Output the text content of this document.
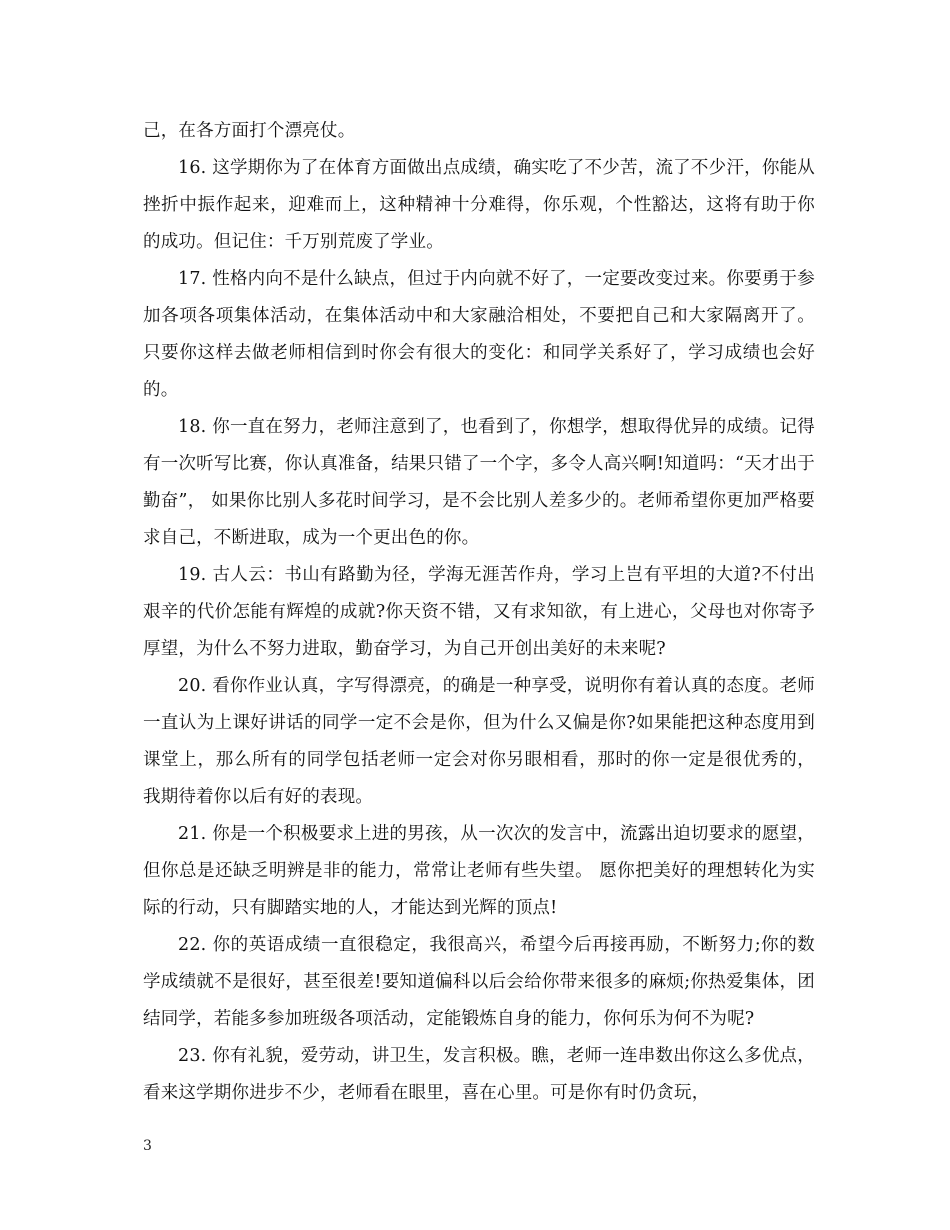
己，在各方面打个漂亮仗。

16. 这学期你为了在体育方面做出点成绩，确实吃了不少苦，流了不少汗，你能从挫折中振作起来，迎难而上，这种精神十分难得，你乐观，个性豁达，这将有助于你的成功。但记住：千万别荒废了学业。

17. 性格内向不是什么缺点，但过于内向就不好了，一定要改变过来。你要勇于参加各项各项集体活动，在集体活动中和大家融洽相处，不要把自己和大家隔离开了。只要你这样去做老师相信到时你会有很大的变化：和同学关系好了，学习成绩也会好的。

18. 你一直在努力，老师注意到了，也看到了，你想学，想取得优异的成绩。记得有一次听写比赛，你认真准备，结果只错了一个字，多令人高兴啊!知道吗：“天才出于勤奋”， 如果你比别人多花时间学习，是不会比别人差多少的。老师希望你更加严格要求自己，不断进取，成为一个更出色的你。

19. 古人云：书山有路勤为径，学海无涯苦作舟，学习上岂有平坦的大道?不付出艰辛的代价怎能有辉煌的成就?你天资不错，又有求知欲，有上进心，父母也对你寄予厚望，为什么不努力进取，勤奋学习，为自己开创出美好的未来呢?

20. 看你作业认真，字写得漂亮，的确是一种享受，说明你有着认真的态度。老师一直认为上课好讲话的同学一定不会是你，但为什么又偏是你?如果能把这种态度用到课堂上，那么所有的同学包括老师一定会对你另眼相看，那时的你一定是很优秀的，我期待着你以后有好的表现。

21. 你是一个积极要求上进的男孩，从一次次的发言中，流露出迫切要求的愿望，但你总是还缺乏明辨是非的能力，常常让老师有些失望。 愿你把美好的理想转化为实际的行动，只有脚踏实地的人，才能达到光辉的顶点!

22. 你的英语成绩一直很稳定，我很高兴，希望今后再接再励，不断努力;你的数学成绩就不是很好，甚至很差!要知道偏科以后会给你带来很多的麻烦;你热爱集体，团结同学，若能多参加班级各项活动，定能锻炼自身的能力，你何乐为何不为呢?

23. 你有礼貌，爱劳动，讲卫生，发言积极。瞧，老师一连串数出你这么多优点，看来这学期你进步不少，老师看在眼里，喜在心里。可是你有时仍贪玩，

3
